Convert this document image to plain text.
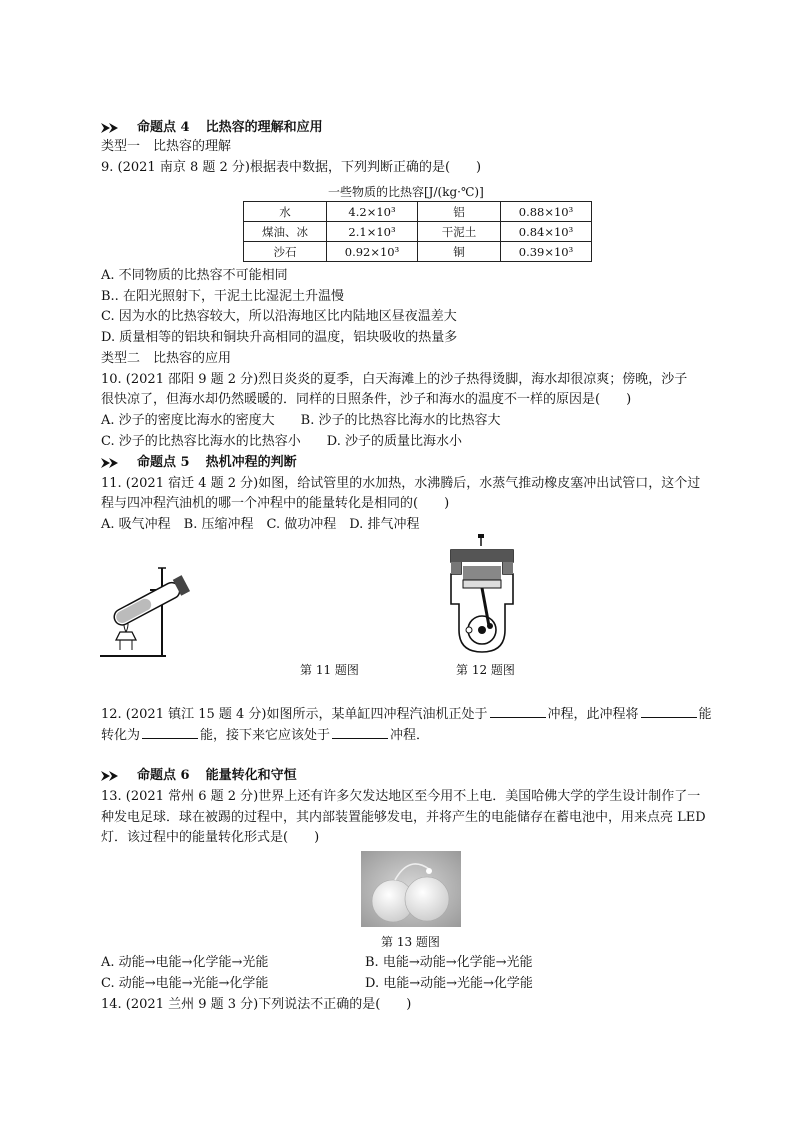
命题点 4 比热容的理解和应用
类型一　比热容的理解
9. (2021 南京 8 题 2 分)根据表中数据，下列判断正确的是(　　)
一些物质的比热容[J/(kg·℃)]
水	4.2×10³	铝	0.88×10³
煤油、冰	2.1×10³	干泥土	0.84×10³
沙石	0.92×10³	铜	0.39×10³
A. 不同物质的比热容不可能相同
B.. 在阳光照射下，干泥土比湿泥土升温慢
C. 因为水的比热容较大，所以沿海地区比内陆地区昼夜温差大
D. 质量相等的铝块和铜块升高相同的温度，铝块吸收的热量多
类型二　比热容的应用
10. (2021 邵阳 9 题 2 分)烈日炎炎的夏季，白天海滩上的沙子热得烫脚，海水却很凉爽；傍晚，沙子
很快凉了，但海水却仍然暖暖的．同样的日照条件，沙子和海水的温度不一样的原因是(　　)
A. 沙子的密度比海水的密度大　　B. 沙子的比热容比海水的比热容大
C. 沙子的比热容比海水的比热容小　　D. 沙子的质量比海水小
命题点 5 热机冲程的判断
11. (2021 宿迁 4 题 2 分)如图，给试管里的水加热，水沸腾后，水蒸气推动橡皮塞冲出试管口，这个过
程与四冲程汽油机的哪一个冲程中的能量转化是相同的(　　)
A. 吸气冲程　B. 压缩冲程　C. 做功冲程　D. 排气冲程
第 11 题图	第 12 题图
12. (2021 镇江 15 题 4 分)如图所示，某单缸四冲程汽油机正处于	冲程，此冲程将	能
转化为	能，接下来它应该处于	冲程．
命题点 6 能量转化和守恒
13. (2021 常州 6 题 2 分)世界上还有许多欠发达地区至今用不上电．美国哈佛大学的学生设计制作了一
种发电足球．球在被踢的过程中，其内部装置能够发电，并将产生的电能储存在蓄电池中，用来点亮 LED
灯．该过程中的能量转化形式是(　　)
第 13 题图
A. 动能→电能→化学能→光能	B. 电能→动能→化学能→光能
C. 动能→电能→光能→化学能	D. 电能→动能→光能→化学能
14. (2021 兰州 9 题 3 分)下列说法不正确的是(　　)
